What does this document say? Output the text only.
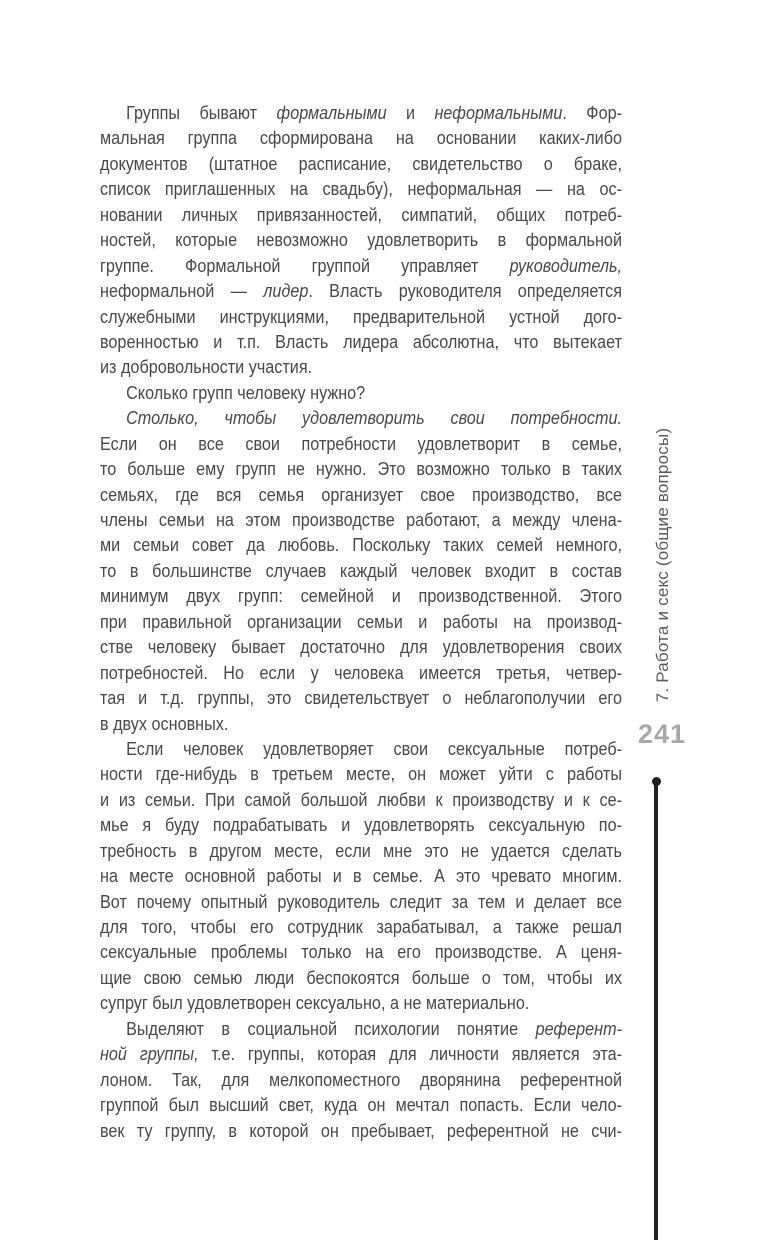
Группы бывают формальными и неформальными. Фор-
мальная группа сформирована на основании каких-либо
документов (штатное расписание, свидетельство о браке,
список приглашенных на свадьбу), неформальная — на ос-
новании личных привязанностей, симпатий, общих потреб-
ностей, которые невозможно удовлетворить в формальной
группе. Формальной группой управляет руководитель,
неформальной — лидер. Власть руководителя определяется
служебными инструкциями, предварительной устной дого-
воренностью и т.п. Власть лидера абсолютна, что вытекает
из добровольности участия.
Сколько групп человеку нужно?
Столько, чтобы удовлетворить свои потребности.
Если он все свои потребности удовлетворит в семье,
то больше ему групп не нужно. Это возможно только в таких
семьях, где вся семья организует свое производство, все
члены семьи на этом производстве работают, а между члена-
ми семьи совет да любовь. Поскольку таких семей немного,
то в большинстве случаев каждый человек входит в состав
минимум двух групп: семейной и производственной. Этого
при правильной организации семьи и работы на производ-
стве человеку бывает достаточно для удовлетворения своих
потребностей. Но если у человека имеется третья, четвер-
тая и т.д. группы, это свидетельствует о неблагополучии его
в двух основных.
Если человек удовлетворяет свои сексуальные потреб-
ности где-нибудь в третьем месте, он может уйти с работы
и из семьи. При самой большой любви к производству и к се-
мье я буду подрабатывать и удовлетворять сексуальную по-
требность в другом месте, если мне это не удается сделать
на месте основной работы и в семье. А это чревато многим.
Вот почему опытный руководитель следит за тем и делает все
для того, чтобы его сотрудник зарабатывал, а также решал
сексуальные проблемы только на его производстве. А ценя-
щие свою семью люди беспокоятся больше о том, чтобы их
супруг был удовлетворен сексуально, а не материально.
Выделяют в социальной психологии понятие референт-
ной группы, т.е. группы, которая для личности является эта-
лоном. Так, для мелкопоместного дворянина референтной
группой был высший свет, куда он мечтал попасть. Если чело-
век ту группу, в которой он пребывает, референтной не счи-
7. Работа и секс (общие вопросы)
241
